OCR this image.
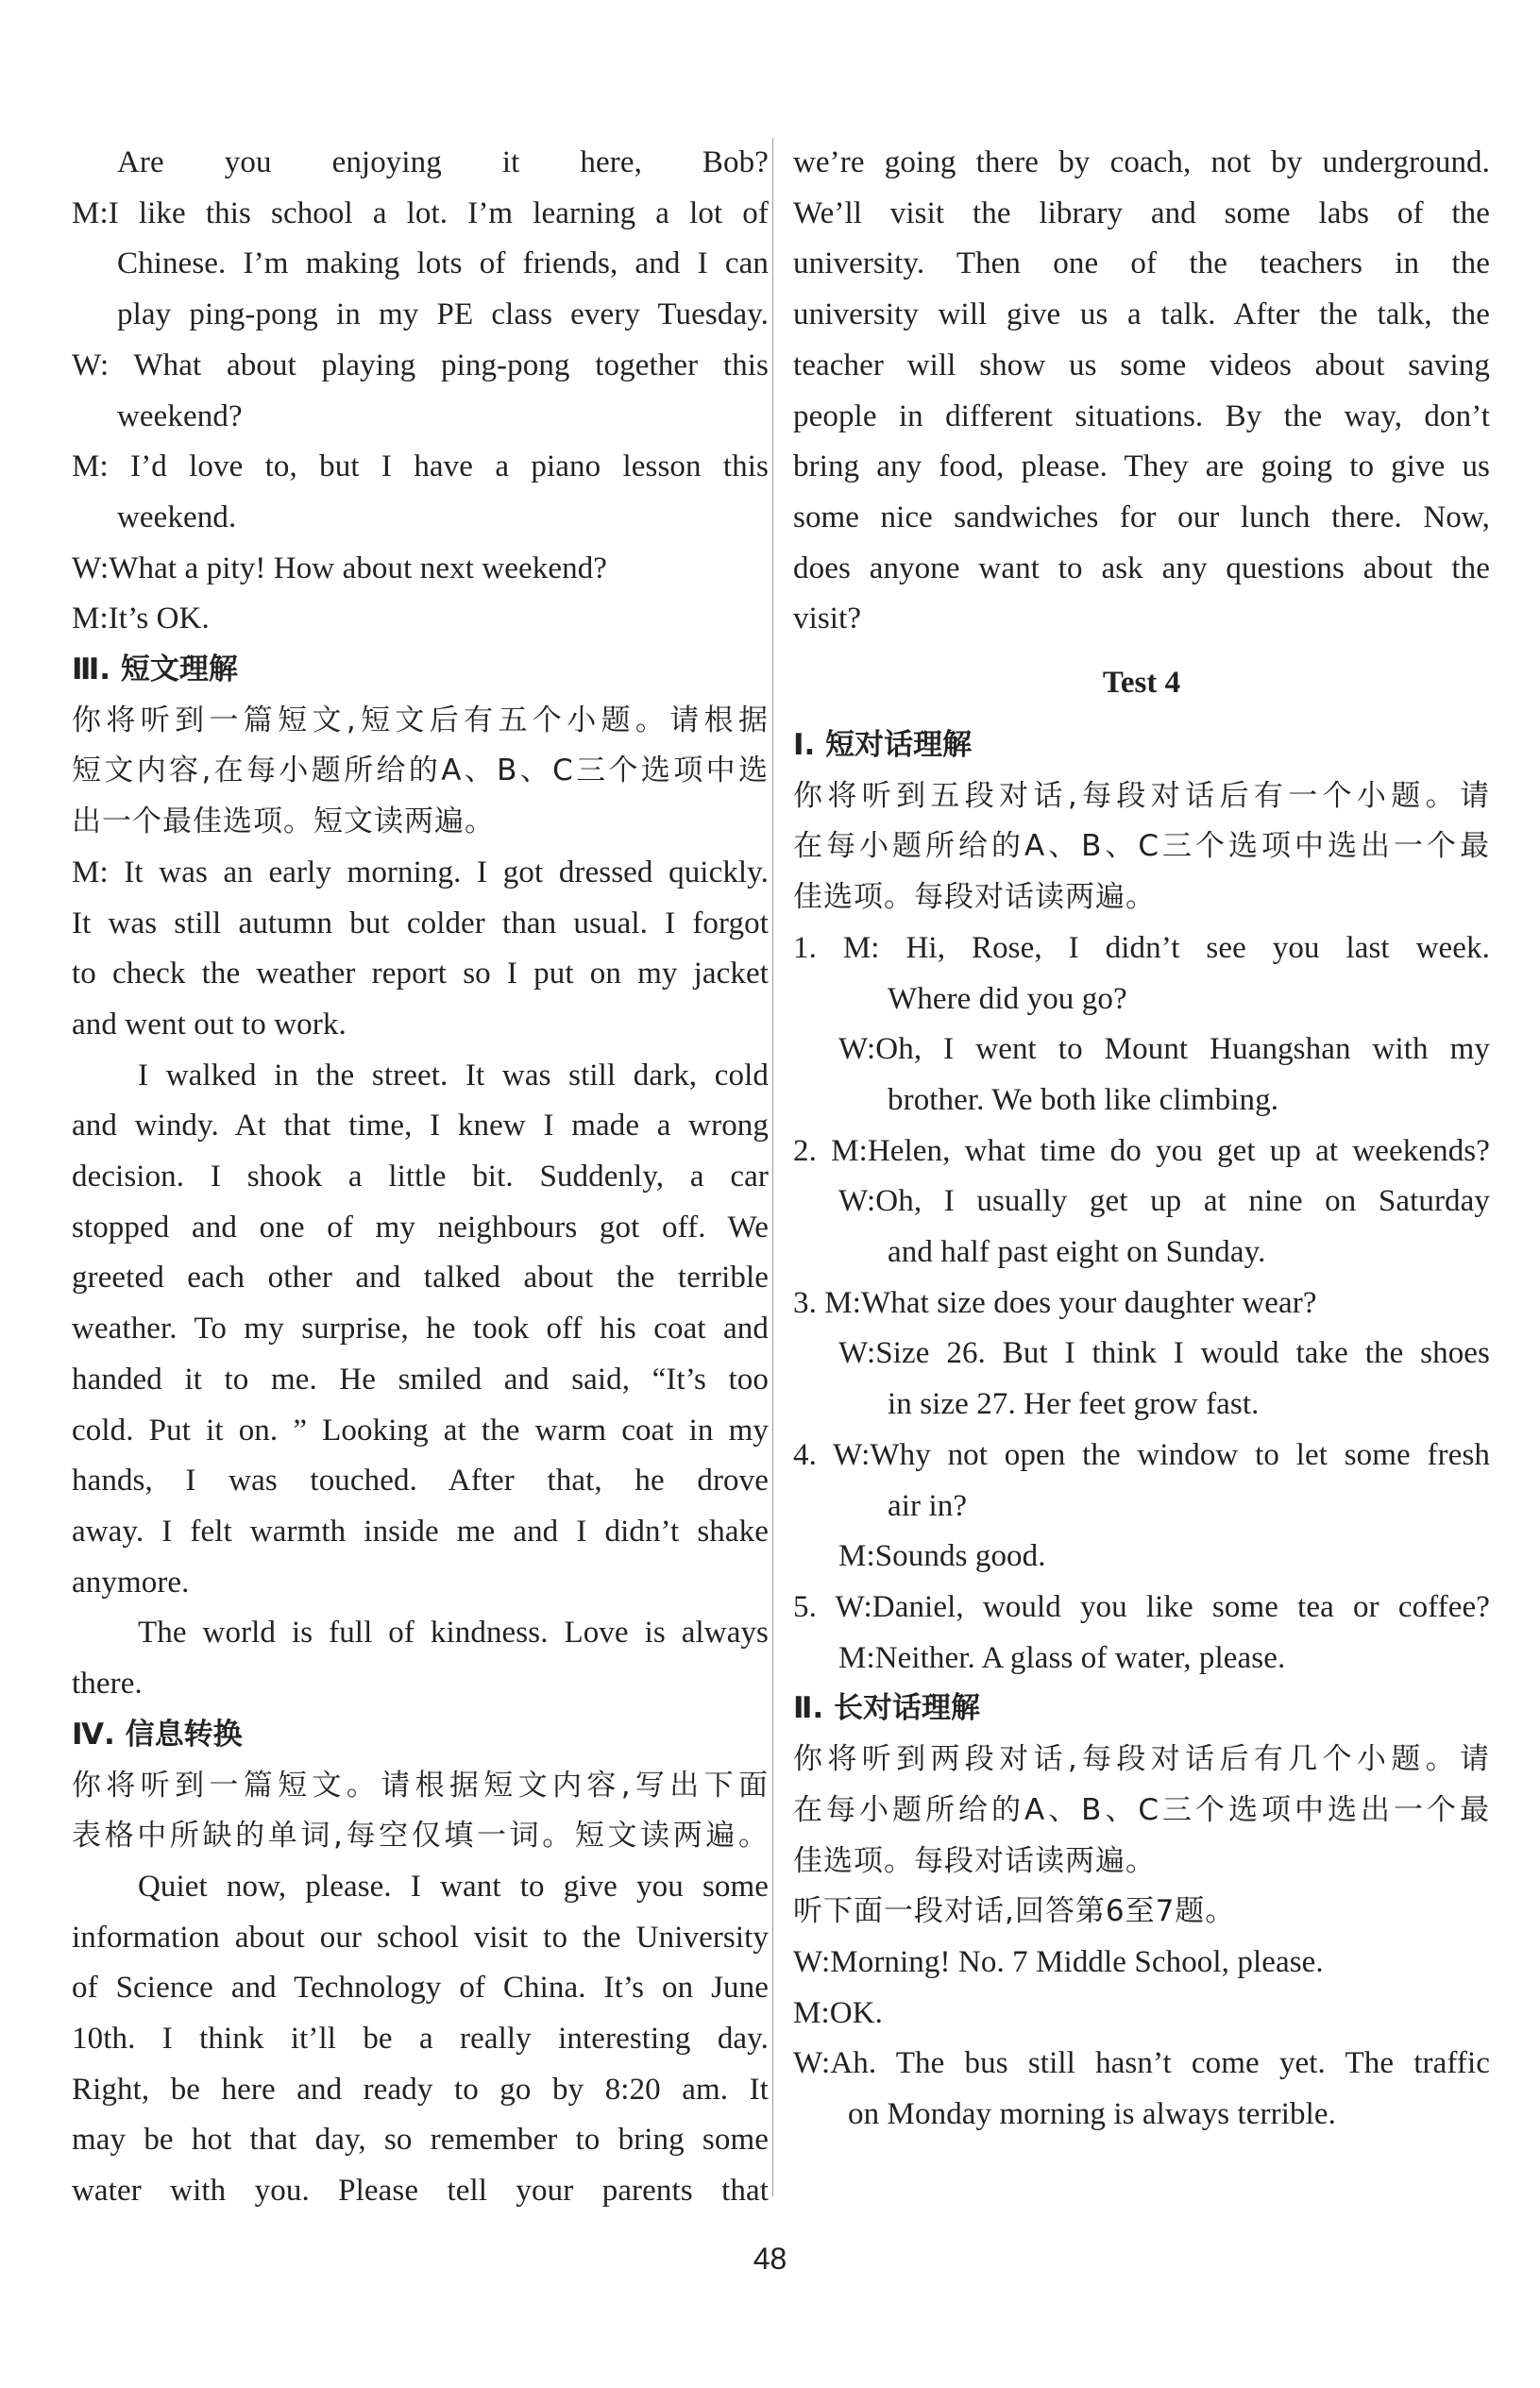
Are you enjoying it here, Bob?
M:I like this school a lot. I’m learning a lot of
Chinese. I’m making lots of friends, and I can
play ping-pong in my PE class every Tuesday.
W: What about playing ping-pong together this
weekend?
M: I’d love to, but I have a piano lesson this
weekend.
W:What a pity! How about next weekend?
M:It’s OK.
Ⅲ. 短文理解
你将听到一篇短文,短文后有五个小题。请根据
短文内容,在每小题所给的A、B、C三个选项中选
出一个最佳选项。短文读两遍。
M: It was an early morning. I got dressed quickly.
It was still autumn but colder than usual. I forgot
to check the weather report so I put on my jacket
and went out to work.
I walked in the street. It was still dark, cold
and windy. At that time, I knew I made a wrong
decision. I shook a little bit. Suddenly, a car
stopped and one of my neighbours got off. We
greeted each other and talked about the terrible
weather. To my surprise, he took off his coat and
handed it to me. He smiled and said, “It’s too
cold. Put it on. ” Looking at the warm coat in my
hands, I was touched. After that, he drove
away. I felt warmth inside me and I didn’t shake
anymore.
The world is full of kindness. Love is always
there.
Ⅳ. 信息转换
你将听到一篇短文。请根据短文内容,写出下面
表格中所缺的单词,每空仅填一词。短文读两遍。
Quiet now, please. I want to give you some
information about our school visit to the University
of Science and Technology of China. It’s on June
10th. I think it’ll be a really interesting day.
Right, be here and ready to go by 8:20 am. It
may be hot that day, so remember to bring some
water with you. Please tell your parents that
we’re going there by coach, not by underground.
We’ll visit the library and some labs of the
university. Then one of the teachers in the
university will give us a talk. After the talk, the
teacher will show us some videos about saving
people in different situations. By the way, don’t
bring any food, please. They are going to give us
some nice sandwiches for our lunch there. Now,
does anyone want to ask any questions about the
visit?
Test 4
Ⅰ. 短对话理解
你将听到五段对话,每段对话后有一个小题。请
在每小题所给的A、B、C三个选项中选出一个最
佳选项。每段对话读两遍。
1. M: Hi, Rose, I didn’t see you last week.
Where did you go?
W:Oh, I went to Mount Huangshan with my
brother. We both like climbing.
2. M:Helen, what time do you get up at weekends?
W:Oh, I usually get up at nine on Saturday
and half past eight on Sunday.
3. M:What size does your daughter wear?
W:Size 26. But I think I would take the shoes
in size 27. Her feet grow fast.
4. W:Why not open the window to let some fresh
air in?
M:Sounds good.
5. W:Daniel, would you like some tea or coffee?
M:Neither. A glass of water, please.
Ⅱ. 长对话理解
你将听到两段对话,每段对话后有几个小题。请
在每小题所给的A、B、C三个选项中选出一个最
佳选项。每段对话读两遍。
听下面一段对话,回答第6至7题。
W:Morning! No. 7 Middle School, please.
M:OK.
W:Ah. The bus still hasn’t come yet. The traffic
on Monday morning is always terrible.
48
